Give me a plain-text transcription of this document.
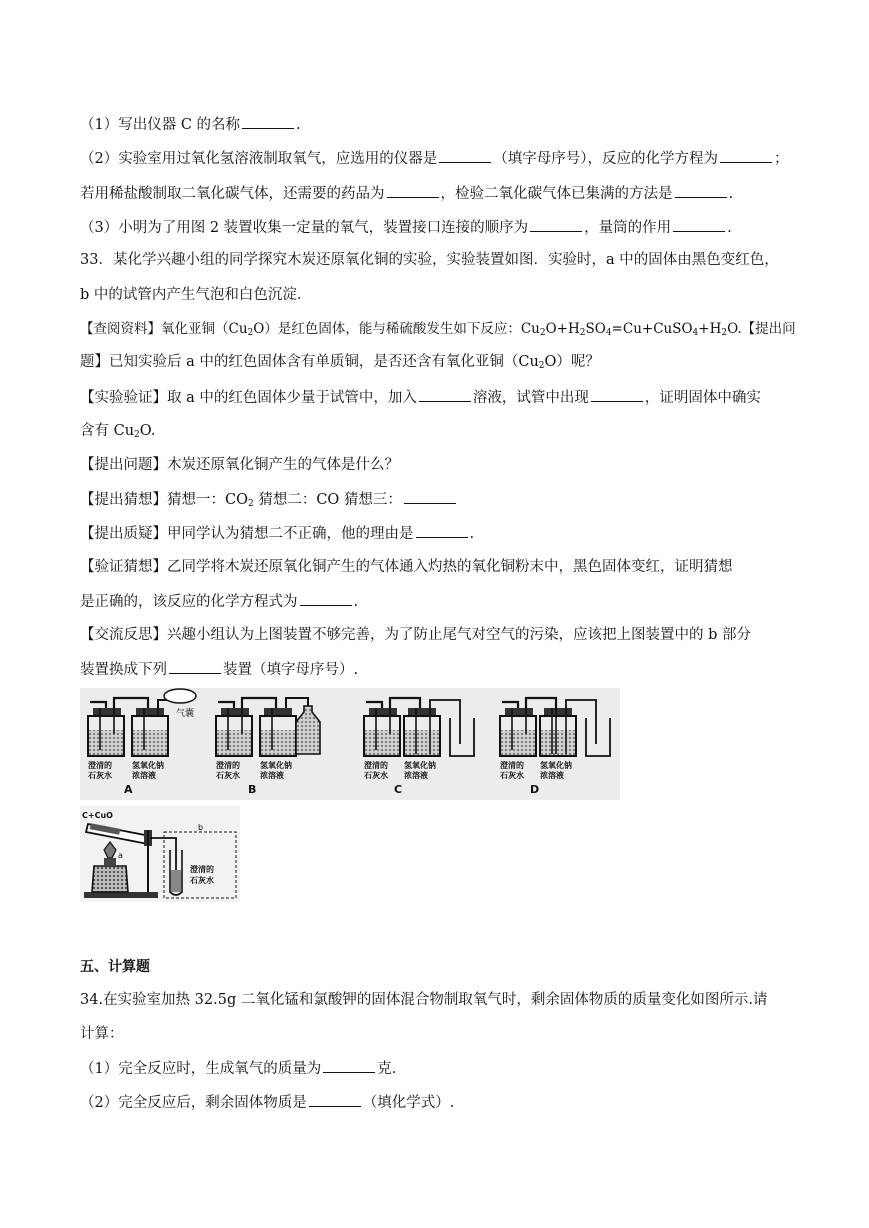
（1）写出仪器 C 的名称	.
（2）实验室用过氧化氢溶液制取氧气，应选用的仪器是	（填字母序号），反应的化学方程为	；
若用稀盐酸制取二氧化碳气体，还需要的药品为	，检验二氧化碳气体已集满的方法是	.
（3）小明为了用图 2 装置收集一定量的氧气，装置接口连接的顺序为	，量筒的作用	.
33．某化学兴趣小组的同学探究木炭还原氧化铜的实验，实验装置如图．实验时，a 中的固体由黑色变红色，
b 中的试管内产生气泡和白色沉淀．
【查阅资料】氧化亚铜$(Cu_2O)$是红色固体，能与稀硫酸发生如下反应：$Cu_2O+H_2SO_4=Cu+CuSO_4+H_2O$.【提出问
题】已知实验后 a 中的红色固体含有单质铜，是否还含有氧化亚铜$(Cu_2O)$呢？
【实验验证】取 a 中的红色固体少量于试管中，加入	溶液，试管中出现	，证明固体中确实
含有 $Cu_2O$.
【提出问题】木炭还原氧化铜产生的气体是什么？
【提出猜想】猜想一：$CO_2$ 猜想二：CO 猜想三：
【提出质疑】甲同学认为猜想二不正确，他的理由是	.
【验证猜想】乙同学将木炭还原氧化铜产生的气体通入灼热的氧化铜粉末中，黑色固体变红，证明猜想
是正确的，该反应的化学方程式为	.
【交流反思】兴趣小组认为上图装置不够完善，为了防止尾气对空气的污染，应该把上图装置中的 b 部分
装置换成下列	装置（填字母序号）.
气囊
澄清的
石灰水
氢氧化钠
浓溶液
A
澄清的
石灰水
氢氧化钠
浓溶液
B
澄清的
石灰水
氢氧化钠
浓溶液
C
澄清的
石灰水
氢氧化钠
浓溶液
D
C+CuO
a
b
澄清的
石灰水
五、计算题
34.在实验室加热 32.5g 二氧化锰和氯酸钾的固体混合物制取氧气时，剩余固体物质的质量变化如图所示.请
计算：
（1）完全反应时，生成氧气的质量为	克.
（2）完全反应后，剩余固体物质是	（填化学式）.
